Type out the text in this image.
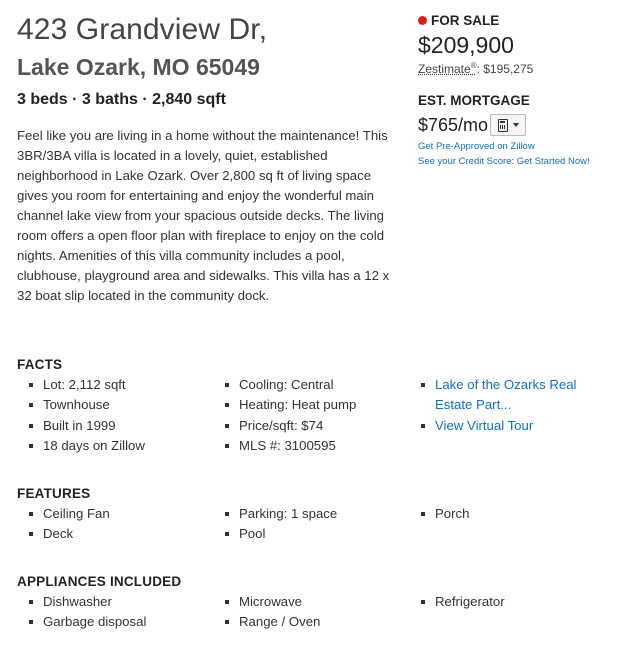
423 Grandview Dr,
Lake Ozark, MO 65049
3 beds · 3 baths · 2,840 sqft

Feel like you are living in a home without the maintenance! This 3BR/3BA villa is located in a lovely, quiet, established neighborhood in Lake Ozark. Over 2,800 sq ft of living space gives you room for entertaining and enjoy the wonderful main channel lake view from your spacious outside decks. The living room offers a open floor plan with fireplace to enjoy on the cold nights. Amenities of this villa community includes a pool, clubhouse, playground area and sidewalks. This villa has a 12 x 32 boat slip located in the community dock.

FOR SALE
$209,900
Zestimate®: $195,275
EST. MORTGAGE
$765/mo
Get Pre-Approved on Zillow
See your Credit Score: Get Started Now!
FACTS
Lot: 2,112 sqft
Townhouse
Built in 1999
18 days on Zillow
Cooling: Central
Heating: Heat pump
Price/sqft: $74
MLS #: 3100595
Lake of the Ozarks Real Estate Part...
View Virtual Tour
FEATURES
Ceiling Fan
Deck
Parking: 1 space
Pool
Porch
APPLIANCES INCLUDED
Dishwasher
Garbage disposal
Microwave
Range / Oven
Refrigerator
